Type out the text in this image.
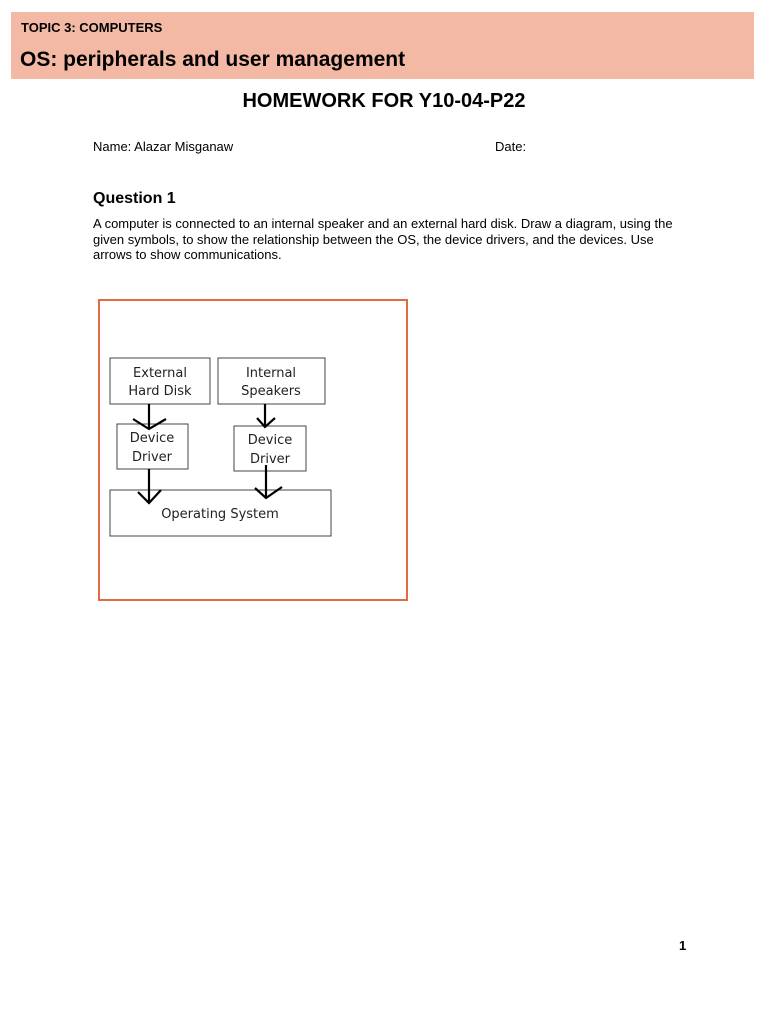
TOPIC 3: COMPUTERS
OS: peripherals and user management
HOMEWORK FOR Y10-04-P22
Name: Alazar Misganaw	Date:
Question 1
A computer is connected to an internal speaker and an external hard disk. Draw a diagram, using the given symbols, to show the relationship between the OS, the device drivers, and the devices. Use arrows to show communications.
External
Hard Disk
Internal
Speakers
Device
Driver
Device
Driver
Operating System
1
